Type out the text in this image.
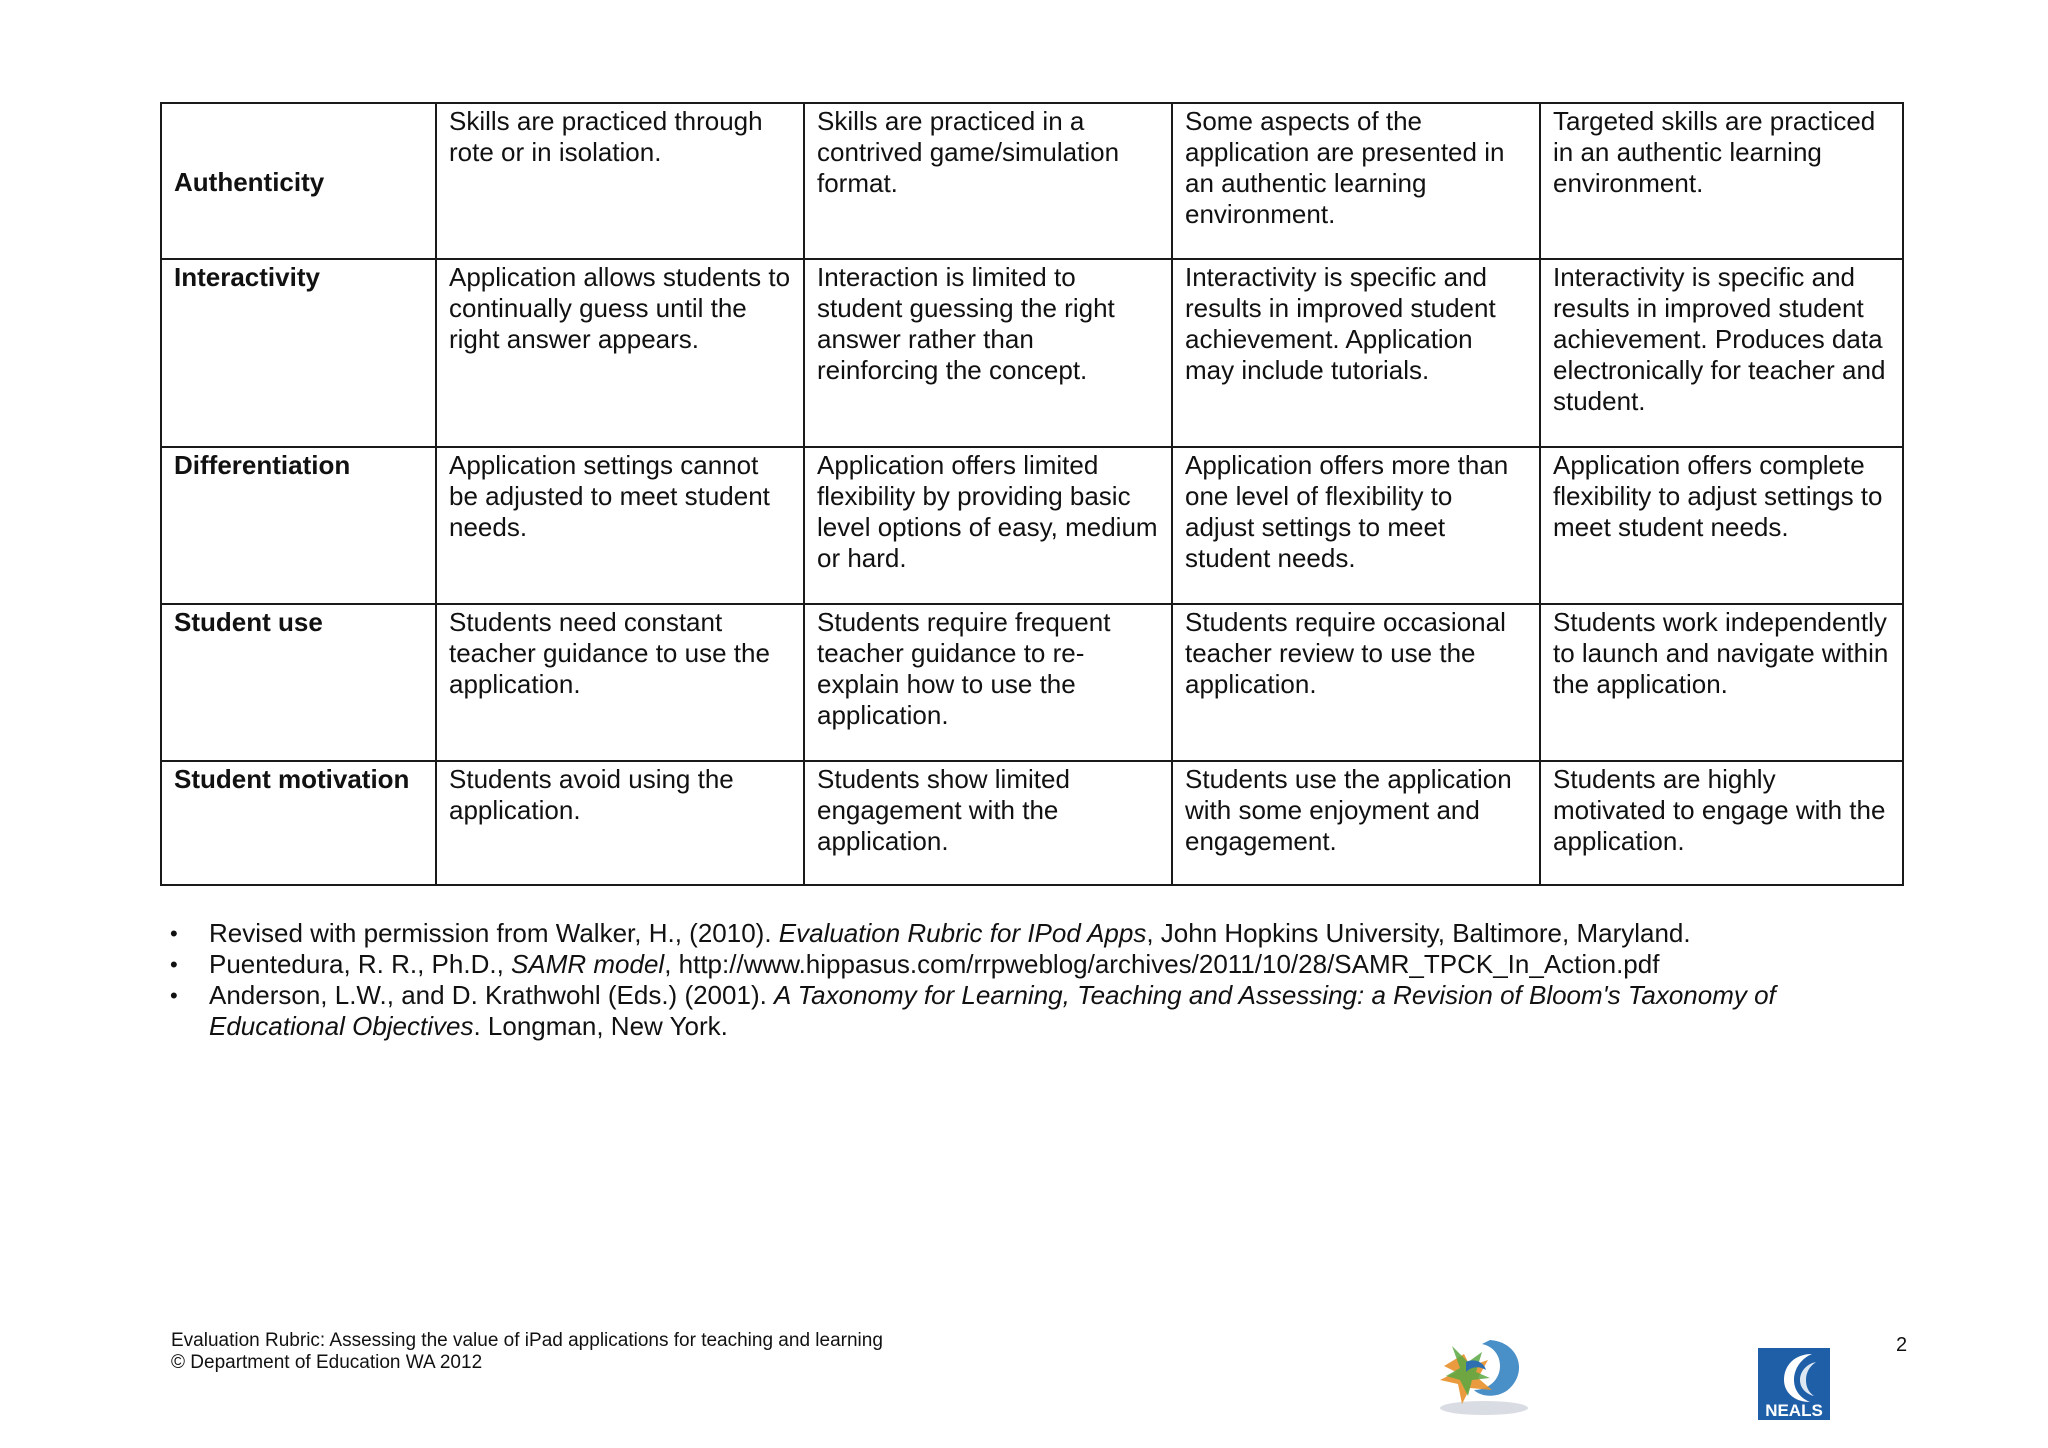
Authenticity	Skills are practiced through rote or in isolation.	Skills are practiced in a contrived game/simulation format.	Some aspects of the application are presented in an authentic learning environment.	Targeted skills are practiced in an authentic learning environment.
Interactivity	Application allows students to continually guess until the right answer appears.	Interaction is limited to student guessing the right answer rather than reinforcing the concept.	Interactivity is specific and results in improved student achievement. Application may include tutorials.	Interactivity is specific and results in improved student achievement. Produces data electronically for teacher and student.
Differentiation	Application settings cannot be adjusted to meet student needs.	Application offers limited flexibility by providing basic level options of easy, medium or hard.	Application offers more than one level of flexibility to adjust settings to meet student needs.	Application offers complete flexibility to adjust settings to meet student needs.
Student use	Students need constant teacher guidance to use the application.	Students require frequent teacher guidance to re-explain how to use the application.	Students require occasional teacher review to use the application.	Students work independently to launch and navigate within the application.
Student motivation	Students avoid using the application.	Students show limited engagement with the application.	Students use the application with some enjoyment and engagement.	Students are highly motivated to engage with the application.
• Revised with permission from Walker, H., (2010). Evaluation Rubric for IPod Apps, John Hopkins University, Baltimore, Maryland.
• Puentedura, R. R., Ph.D., SAMR model, http://www.hippasus.com/rrpweblog/archives/2011/10/28/SAMR_TPCK_In_Action.pdf
• Anderson, L.W., and D. Krathwohl (Eds.) (2001). A Taxonomy for Learning, Teaching and Assessing: a Revision of Bloom's Taxonomy of Educational Objectives. Longman, New York.
Evaluation Rubric: Assessing the value of iPad applications for teaching and learning
© Department of Education WA 2012
2
NEALS
